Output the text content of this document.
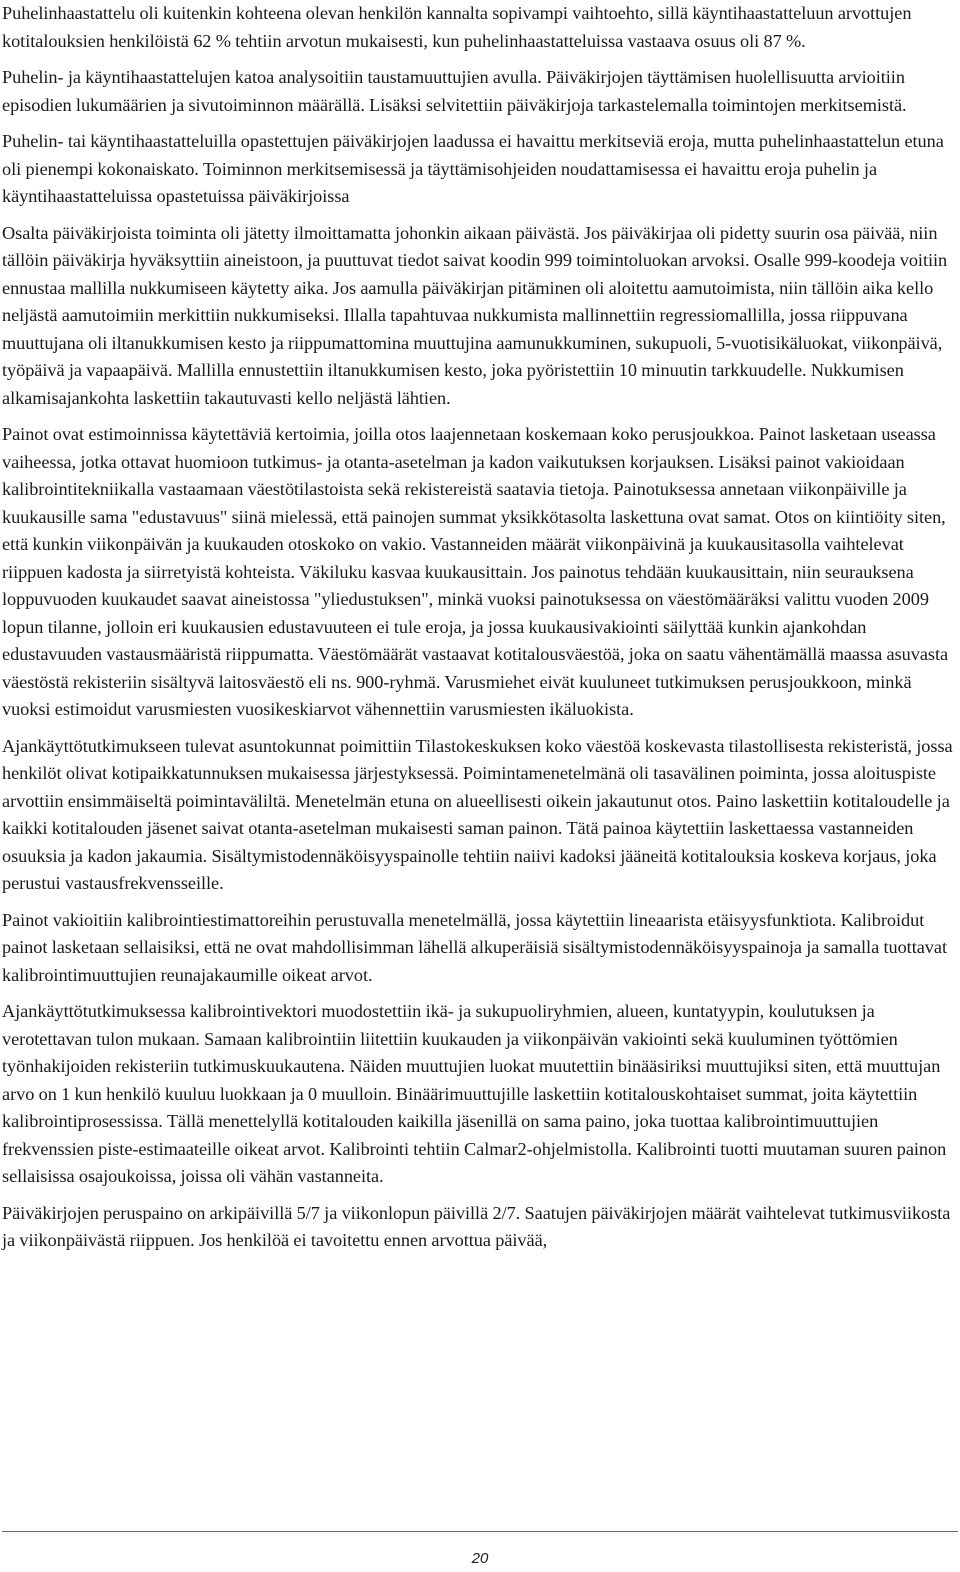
Puhelinhaastattelu oli kuitenkin kohteena olevan henkilön kannalta sopivampi vaihtoehto, sillä käyntihaastatteluun arvottujen kotitalouksien henkilöistä 62 % tehtiin arvotun mukaisesti, kun puhelinhaastatteluissa vastaava osuus oli 87 %.

Puhelin- ja käyntihaastattelujen katoa analysoitiin taustamuuttujien avulla. Päiväkirjojen täyttämisen huolellisuutta arvioitiin episodien lukumäärien ja sivutoiminnon määrällä. Lisäksi selvitettiin päiväkirjoja tarkastelemalla toimintojen merkitsemistä.

Puhelin- tai käyntihaastatteluilla opastettujen päiväkirjojen laadussa ei havaittu merkitseviä eroja, mutta puhelinhaastattelun etuna oli pienempi kokonaiskato. Toiminnon merkitsemisessä ja täyttämisohjeiden noudattamisessa ei havaittu eroja puhelin ja käyntihaastatteluissa opastetuissa päiväkirjoissa

Osalta päiväkirjoista toiminta oli jätetty ilmoittamatta johonkin aikaan päivästä. Jos päiväkirjaa oli pidetty suurin osa päivää, niin tällöin päiväkirja hyväksyttiin aineistoon, ja puuttuvat tiedot saivat koodin 999 toimintoluokan arvoksi. Osalle 999-koodeja voitiin ennustaa mallilla nukkumiseen käytetty aika. Jos aamulla päiväkirjan pitäminen oli aloitettu aamutoimista, niin tällöin aika kello neljästä aamutoimiin merkittiin nukkumiseksi. Illalla tapahtuvaa nukkumista mallinnettiin regressiomallilla, jossa riippuvana muuttujana oli iltanukkumisen kesto ja riippumattomina muuttujina aamunukkuminen, sukupuoli, 5-vuotisikäluokat, viikonpäivä, työpäivä ja vapaapäivä. Mallilla ennustettiin iltanukkumisen kesto, joka pyöristettiin 10 minuutin tarkkuudelle. Nukkumisen alkamisajankohta laskettiin takautuvasti kello neljästä lähtien.

Painot ovat estimoinnissa käytettäviä kertoimia, joilla otos laajennetaan koskemaan koko perusjoukkoa. Painot lasketaan useassa vaiheessa, jotka ottavat huomioon tutkimus- ja otanta-asetelman ja kadon vaikutuksen korjauksen. Lisäksi painot vakioidaan kalibrointitekniikalla vastaamaan väestötilastoista sekä rekistereistä saatavia tietoja. Painotuksessa annetaan viikonpäiville ja kuukausille sama "edustavuus" siinä mielessä, että painojen summat yksikkötasolta laskettuna ovat samat. Otos on kiintiöity siten, että kunkin viikonpäivän ja kuukauden otoskoko on vakio. Vastanneiden määrät viikonpäivinä ja kuukausitasolla vaihtelevat riippuen kadosta ja siirretyistä kohteista. Väkiluku kasvaa kuukausittain. Jos painotus tehdään kuukausittain, niin seurauksena loppuvuoden kuukaudet saavat aineistossa "yliedustuksen", minkä vuoksi painotuksessa on väestömääräksi valittu vuoden 2009 lopun tilanne, jolloin eri kuukausien edustavuuteen ei tule eroja, ja jossa kuukausivakiointi säilyttää kunkin ajankohdan edustavuuden vastausmääristä riippumatta. Väestömäärät vastaavat kotitalousväestöä, joka on saatu vähentämällä maassa asuvasta väestöstä rekisteriin sisältyvä laitosväestö eli ns. 900-ryhmä. Varusmiehet eivät kuuluneet tutkimuksen perusjoukkoon, minkä vuoksi estimoidut varusmiesten vuosikeskiarvot vähennettiin varusmiesten ikäluokista.

Ajankäyttötutkimukseen tulevat asuntokunnat poimittiin Tilastokeskuksen koko väestöä koskevasta tilastollisesta rekisteristä, jossa henkilöt olivat kotipaikkatunnuksen mukaisessa järjestyksessä. Poimintamenetelmänä oli tasavälinen poiminta, jossa aloituspiste arvottiin ensimmäiseltä poimintaväliltä. Menetelmän etuna on alueellisesti oikein jakautunut otos. Paino laskettiin kotitaloudelle ja kaikki kotitalouden jäsenet saivat otanta-asetelman mukaisesti saman painon. Tätä painoa käytettiin laskettaessa vastanneiden osuuksia ja kadon jakaumia. Sisältymistodennäköisyyspainolle tehtiin naiivi kadoksi jääneitä kotitalouksia koskeva korjaus, joka perustui vastausfrekvensseille.

Painot vakioitiin kalibrointiestimattoreihin perustuvalla menetelmällä, jossa käytettiin lineaarista etäisyysfunktiota. Kalibroidut painot lasketaan sellaisiksi, että ne ovat mahdollisimman lähellä alkuperäisiä sisältymistodennäköisyyspainoja ja samalla tuottavat kalibrointimuuttujien reunajakaumille oikeat arvot.

Ajankäyttötutkimuksessa kalibrointivektori muodostettiin ikä- ja sukupuoliryhmien, alueen, kuntatyypin, koulutuksen ja verotettavan tulon mukaan. Samaan kalibrointiin liitettiin kuukauden ja viikonpäivän vakiointi sekä kuuluminen työttömien työnhakijoiden rekisteriin tutkimuskuukautena. Näiden muuttujien luokat muutettiin binääsiriksi muuttujiksi siten, että muuttujan arvo on 1 kun henkilö kuuluu luokkaan ja 0 muulloin. Binäärimuuttujille laskettiin kotitalouskohtaiset summat, joita käytettiin kalibrointiprosessissa. Tällä menettelyllä kotitalouden kaikilla jäsenillä on sama paino, joka tuottaa kalibrointimuuttujien frekvenssien piste-estimaateille oikeat arvot. Kalibrointi tehtiin Calmar2-ohjelmistolla. Kalibrointi tuotti muutaman suuren painon sellaisissa osajoukoissa, joissa oli vähän vastanneita.

Päiväkirjojen peruspaino on arkipäivillä 5/7 ja viikonlopun päivillä 2/7. Saatujen päiväkirjojen määrät vaihtelevat tutkimusviikosta ja viikonpäivästä riippuen. Jos henkilöä ei tavoitettu ennen arvottua päivää,

20
